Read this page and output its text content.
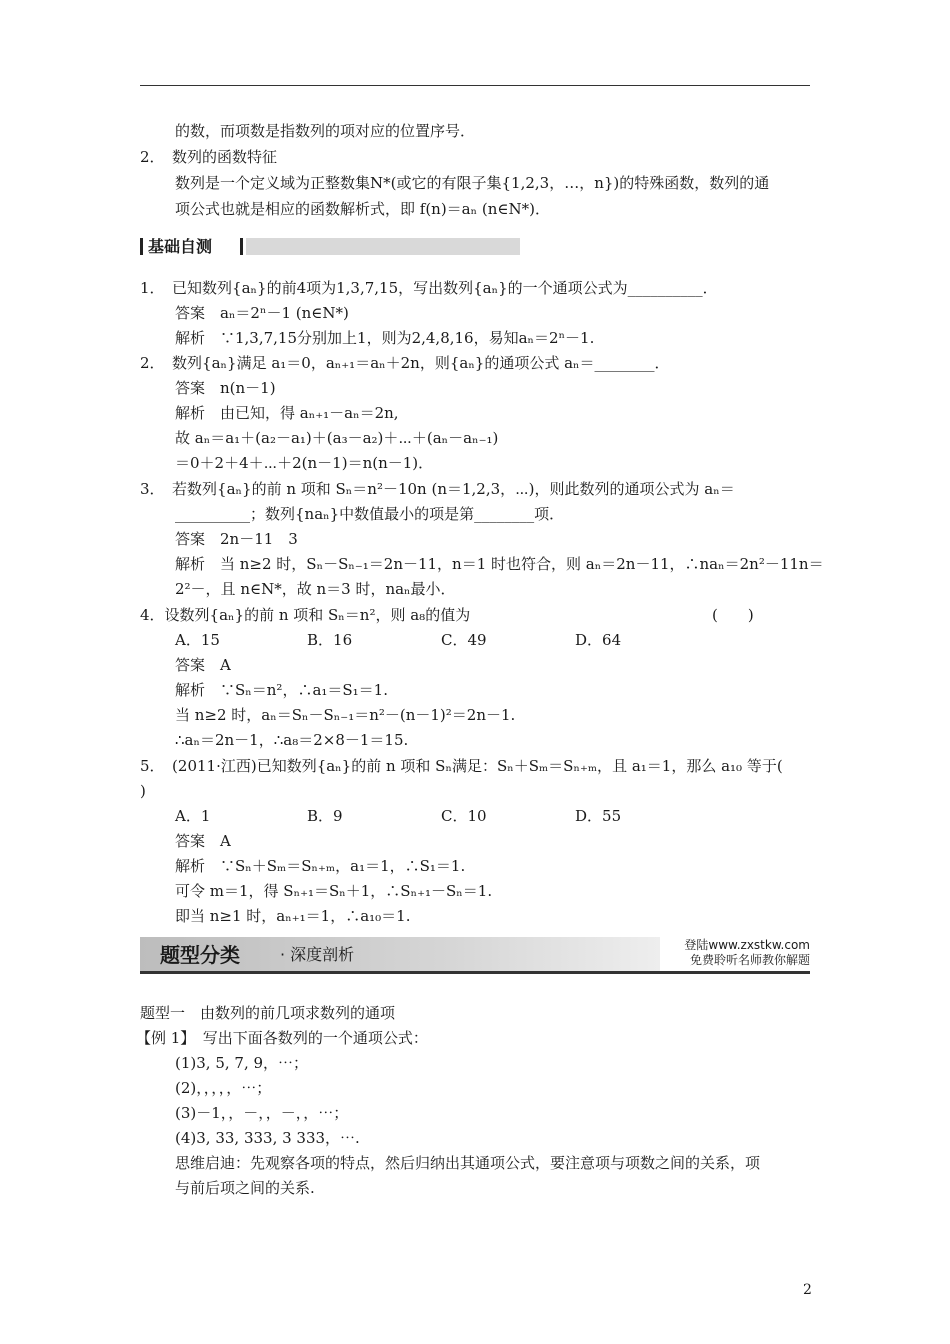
的数，而项数是指数列的项对应的位置序号．
2．　数列的函数特征
数列是一个定义域为正整数集N*(或它的有限子集{1,2,3，…，n})的特殊函数，数列的通
项公式也就是相应的函数解析式，即 f(n)＝aₙ (n∈N*)．
基础自测
1．　已知数列{aₙ}的前4项为1,3,7,15，写出数列{aₙ}的一个通项公式为__________．
答案　aₙ＝2ⁿ－1 (n∈N*)
解析　∵1,3,7,15分别加上1，则为2,4,8,16，易知aₙ＝2ⁿ－1.
2．　数列{aₙ}满足 a₁＝0，aₙ₊₁＝aₙ＋2n，则{aₙ}的通项公式 aₙ＝________．
答案　n(n－1)
解析　由已知，得 aₙ₊₁－aₙ＝2n,
故 aₙ＝a₁＋(a₂－a₁)＋(a₃－a₂)＋⋯＋(aₙ－aₙ₋₁)
＝0＋2＋4＋⋯＋2(n－1)＝n(n－1)．
3．　若数列{aₙ}的前 n 项和 Sₙ＝n²－10n (n＝1,2,3，⋯)，则此数列的通项公式为 aₙ＝
__________；数列{naₙ}中数值最小的项是第________项．
答案　2n－11　3
解析　当 n≥2 时，Sₙ－Sₙ₋₁＝2n－11，n＝1 时也符合，则 aₙ＝2n－11，∴naₙ＝2n²－11n＝
2²－，且 n∈N*，故 n＝3 时，naₙ最小．
4．设数列{aₙ}的前 n 项和 Sₙ＝n²，则 a₈的值为	(　　)
A．15	B．16	C．49	D．64
答案　A
解析　∵Sₙ＝n²，∴a₁＝S₁＝1.
当 n≥2 时，aₙ＝Sₙ－Sₙ₋₁＝n²－(n－1)²＝2n－1.
∴aₙ＝2n－1，∴a₈＝2×8－1＝15.
5．　(2011·江西)已知数列{aₙ}的前 n 项和 Sₙ满足：Sₙ＋Sₘ＝Sₙ₊ₘ，且 a₁＝1，那么 a₁₀ 等于(
)
A．1	B．9	C．10	D．55
答案　A
解析　∵Sₙ＋Sₘ＝Sₙ₊ₘ，a₁＝1，∴S₁＝1.
可令 m＝1，得 Sₙ₊₁＝Sₙ＋1，∴Sₙ₊₁－Sₙ＝1.
即当 n≥1 时，aₙ₊₁＝1，∴a₁₀＝1.
题型分类	· 深度剖析	登陆www.zxstkw.com
免费聆听名师教你解题
题型一　由数列的前几项求数列的通项
【例 1】　写出下面各数列的一个通项公式：
(1)3, 5, 7, 9，⋯；
(2)，，，，，⋯；
(3)－1，，－，，－，，⋯；
(4)3, 33, 333, 3 333，⋯.
思维启迪：先观察各项的特点，然后归纳出其通项公式，要注意项与项数之间的关系，项
与前后项之间的关系.
2
